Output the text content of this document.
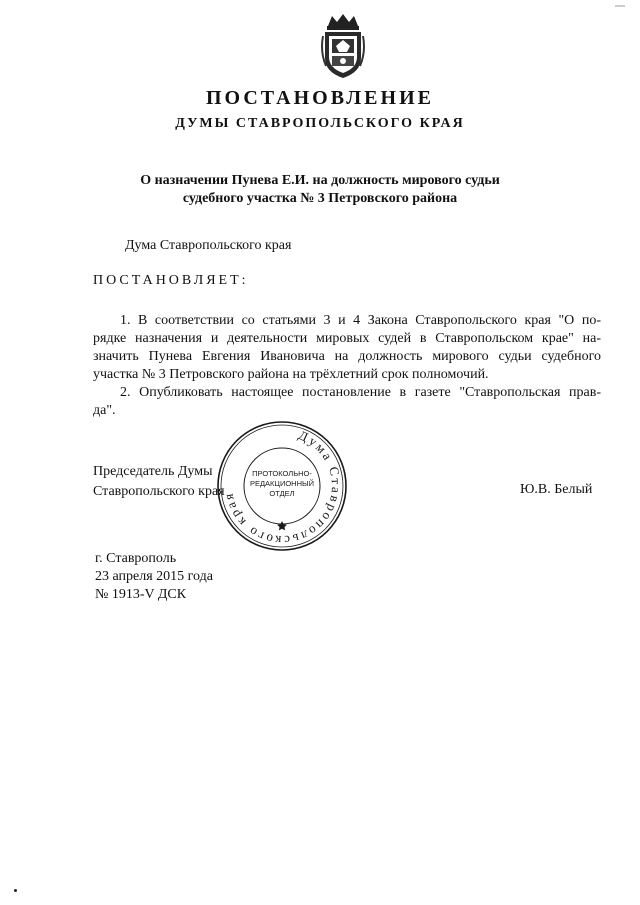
ПОСТАНОВЛЕНИЕ
ДУМЫ СТАВРОПОЛЬСКОГО КРАЯ
О назначении Пунева Е.И. на должность мирового судьи
судебного участка № 3 Петровского района
Дума Ставропольского края
ПОСТАНОВЛЯЕТ:
1. В соответствии со статьями 3 и 4 Закона Ставропольского края "О по-
рядке назначения и деятельности мировых судей в Ставропольском крае" на-
значить Пунева Евгения Ивановича на должность мирового судьи судебного
участка № 3 Петровского района на трёхлетний срок полномочий.
2. Опубликовать настоящее постановление в газете "Ставропольская прав-
да".
Председатель Думы
Ставропольского края	Ю.В. Белый
Дума Ставропольского края
ПРОТОКОЛЬНО-
РЕДАКЦИОННЫЙ
ОТДЕЛ
г. Ставрополь
23 апреля 2015 года
№ 1913-V ДСК
